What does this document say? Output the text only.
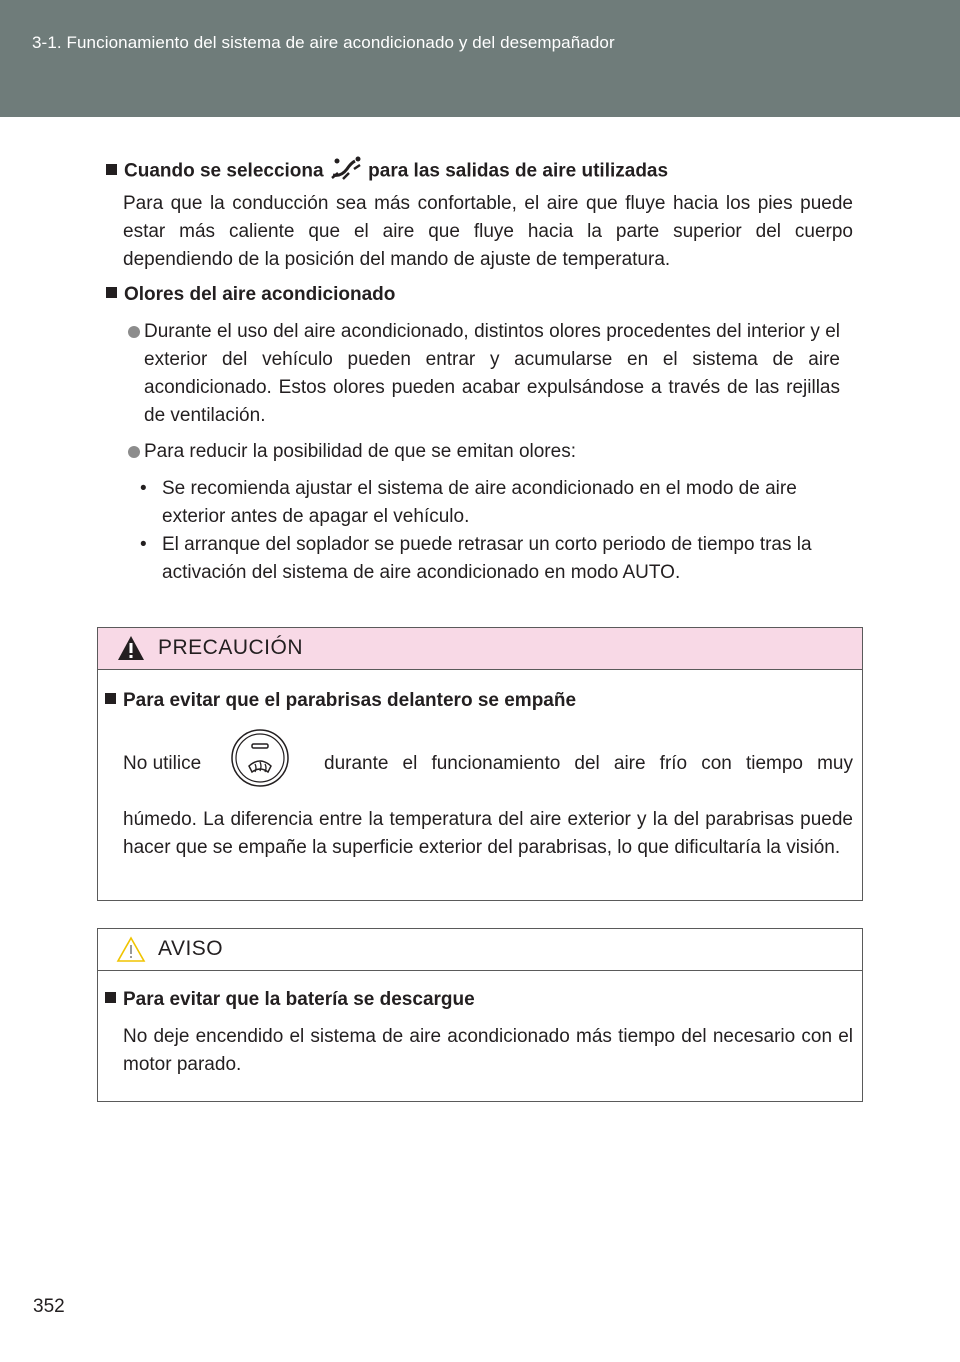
3-1. Funcionamiento del sistema de aire acondicionado y del desempañador
Cuando se selecciona para las salidas de aire utilizadas
Para que la conducción sea más confortable, el aire que fluye hacia los pies puede estar más caliente que el aire que fluye hacia la parte superior del cuerpo dependiendo de la posición del mando de ajuste de temperatura.
Olores del aire acondicionado
Durante el uso del aire acondicionado, distintos olores procedentes del interior y el exterior del vehículo pueden entrar y acumularse en el sistema de aire acondicionado. Estos olores pueden acabar expulsándose a través de las rejillas de ventilación.
Para reducir la posibilidad de que se emitan olores:
• Se recomienda ajustar el sistema de aire acondicionado en el modo de aire exterior antes de apagar el vehículo.
• El arranque del soplador se puede retrasar un corto periodo de tiempo tras la activación del sistema de aire acondicionado en modo AUTO.
PRECAUCIÓN
Para evitar que el parabrisas delantero se empañe
No utilice	durante el funcionamiento del aire frío con tiempo muy
húmedo. La diferencia entre la temperatura del aire exterior y la del parabrisas puede hacer que se empañe la superficie exterior del parabrisas, lo que dificultaría la visión.
AVISO
Para evitar que la batería se descargue
No deje encendido el sistema de aire acondicionado más tiempo del necesario con el motor parado.
352
